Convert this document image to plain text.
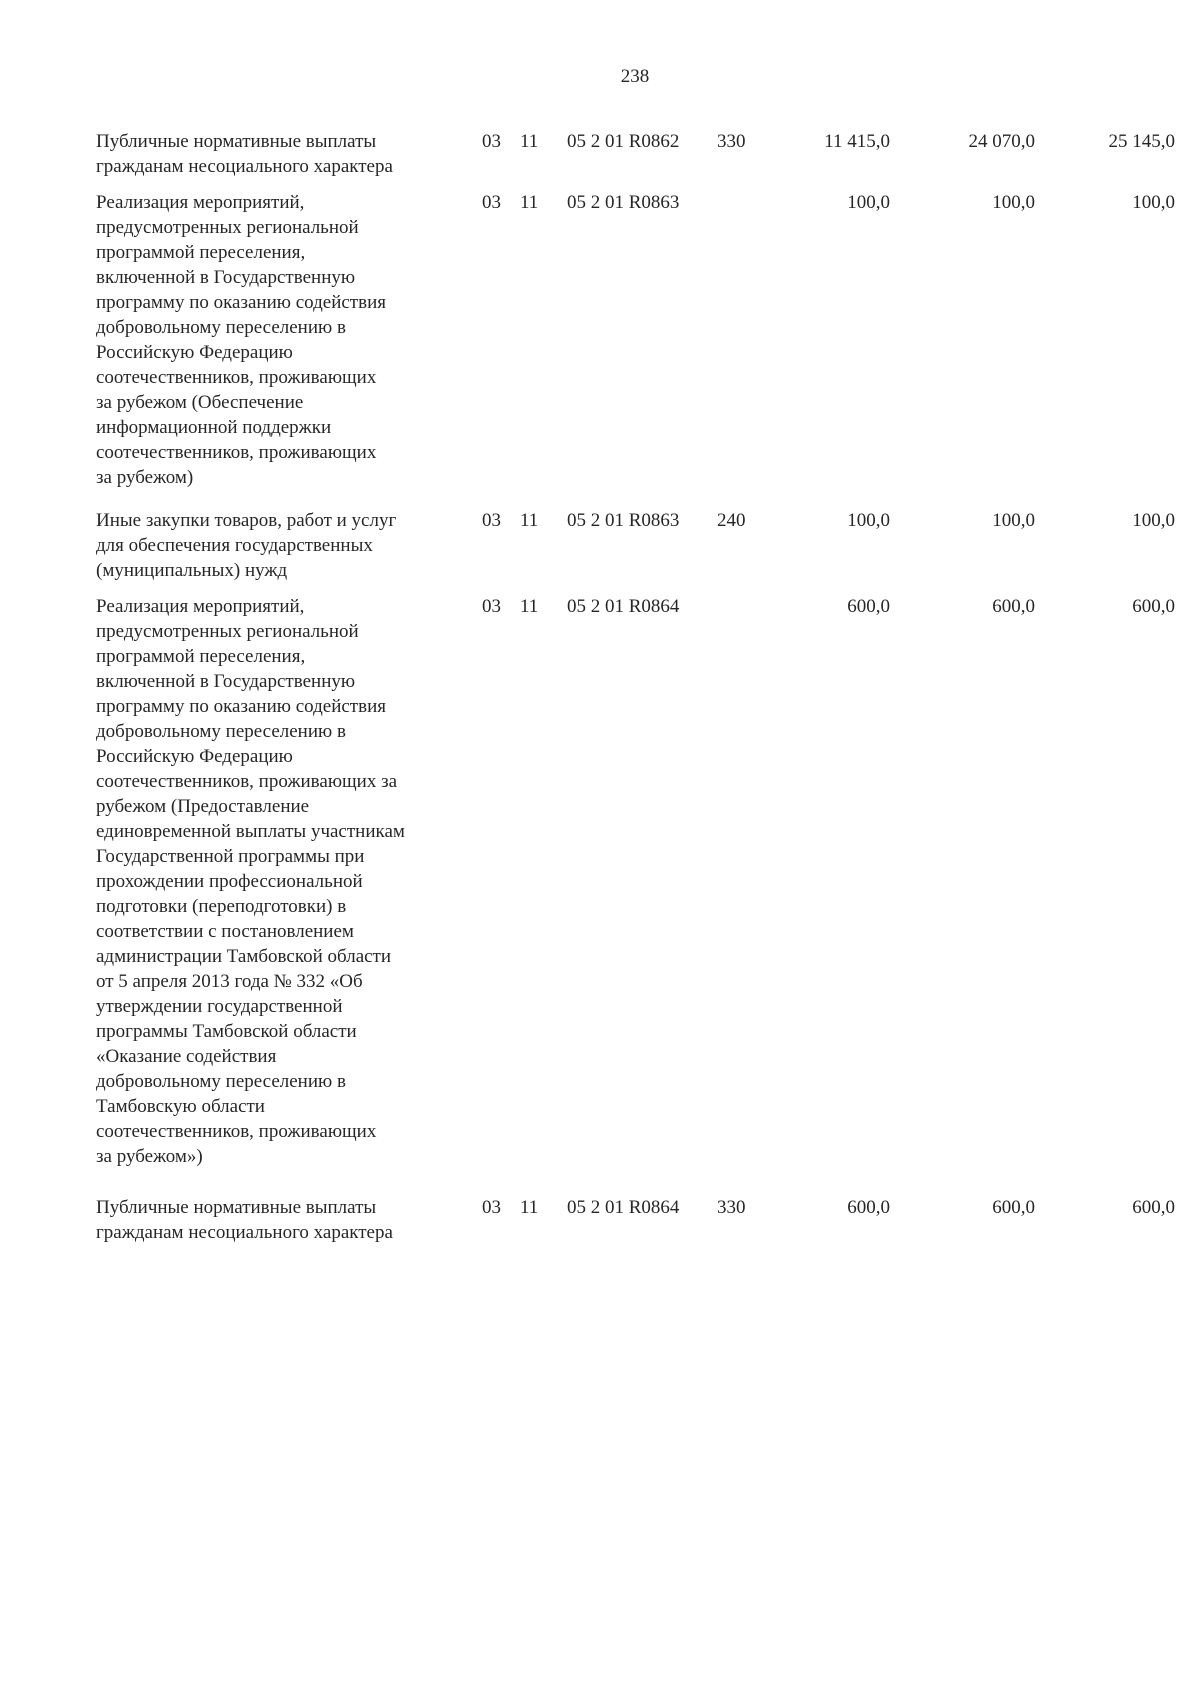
238
Публичные нормативные выплаты
гражданам несоциального характера
03 11 05 2 01 R0862 330	11 415,0	24 070,0	25 145,0
Реализация мероприятий,
предусмотренных региональной
программой переселения,
включенной в Государственную
программу по оказанию содействия
добровольному переселению в
Российскую Федерацию
соотечественников, проживающих
за рубежом (Обеспечение
информационной поддержки
соотечественников, проживающих
за рубежом)
03 11 05 2 01 R0863	100,0	100,0	100,0
Иные закупки товаров, работ и услуг
для обеспечения государственных
(муниципальных) нужд
03 11 05 2 01 R0863 240	100,0	100,0	100,0
Реализация мероприятий,
предусмотренных региональной
программой переселения,
включенной в Государственную
программу по оказанию содействия
добровольному переселению в
Российскую Федерацию
соотечественников, проживающих за
рубежом (Предоставление
единовременной выплаты участникам
Государственной программы при
прохождении профессиональной
подготовки (переподготовки) в
соответствии с постановлением
администрации Тамбовской области
от 5 апреля 2013 года № 332 «Об
утверждении государственной
программы Тамбовской области
«Оказание содействия
добровольному переселению в
Тамбовскую области
соотечественников, проживающих
за рубежом»)
03 11 05 2 01 R0864	600,0	600,0	600,0
Публичные нормативные выплаты
гражданам несоциального характера
03 11 05 2 01 R0864 330	600,0	600,0	600,0
